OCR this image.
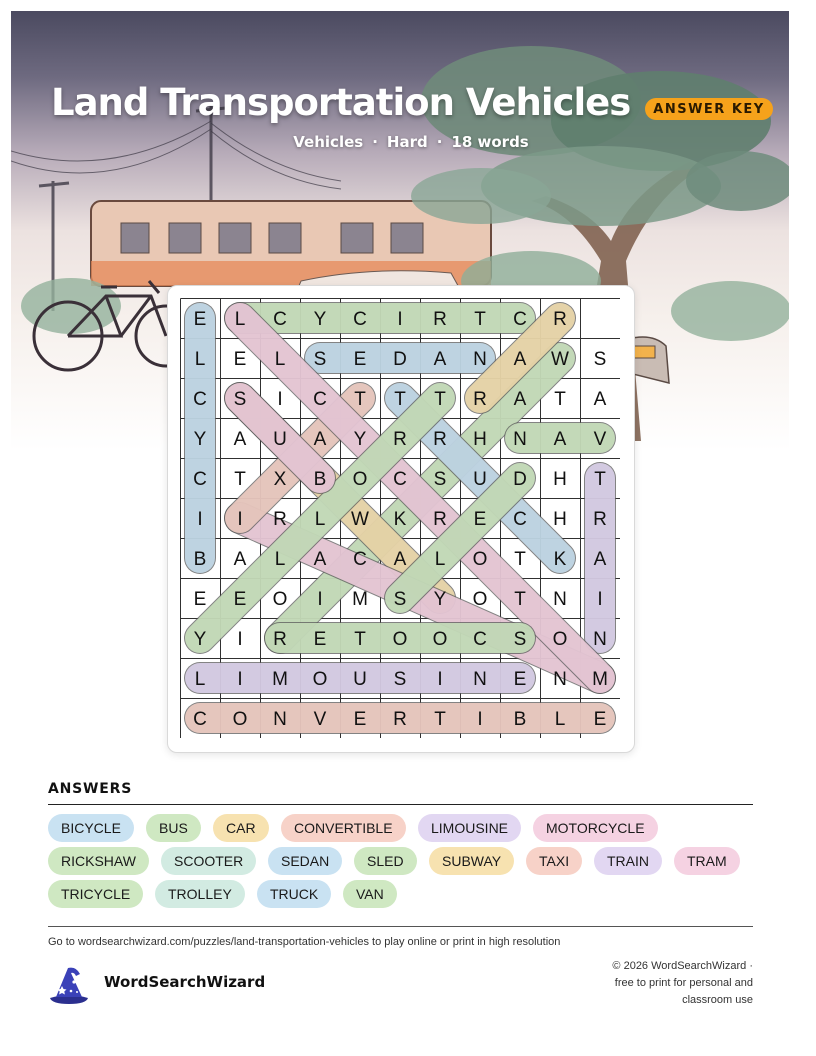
Land Transportation Vehicles	ANSWER KEY
Vehicles · Hard · 18 words
E L C Y C I R T C R
L E L S E D A N A W S
C S I C T T T R A T A
Y A U A Y R R H N A V
C T X B O C S U D H T
I I R L W K R E C H R
B A L A C A L O T K A
E E O I M S Y O T N I
Y I R E T O O C S O N
L I M O U S I N E N M
C O N V E R T I B L E
ANSWERS
BICYCLE	BUS	CAR	CONVERTIBLE	LIMOUSINE	MOTORCYCLE
RICKSHAW	SCOOTER	SEDAN	SLED	SUBWAY	TAXI	TRAIN	TRAM
TRICYCLE	TROLLEY	TRUCK	VAN
Go to wordsearchwizard.com/puzzles/land-transportation-vehicles to play online or print in high resolution
WordSearchWizard
© 2026 WordSearchWizard ·
free to print for personal and
classroom use
